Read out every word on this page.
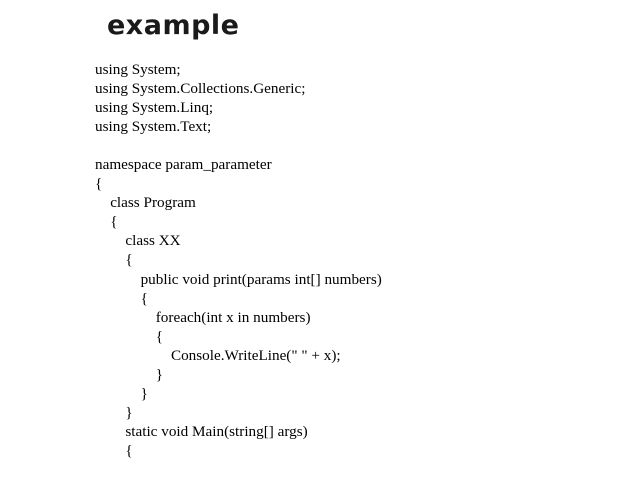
example
using System;
using System.Collections.Generic;
using System.Linq;
using System.Text;
namespace param_parameter
{
class Program
{
class XX
{
public void print(params int[] numbers)
{
foreach(int x in numbers)
{
Console.WriteLine(" " + x);
}
}
}
static void Main(string[] args)
{
